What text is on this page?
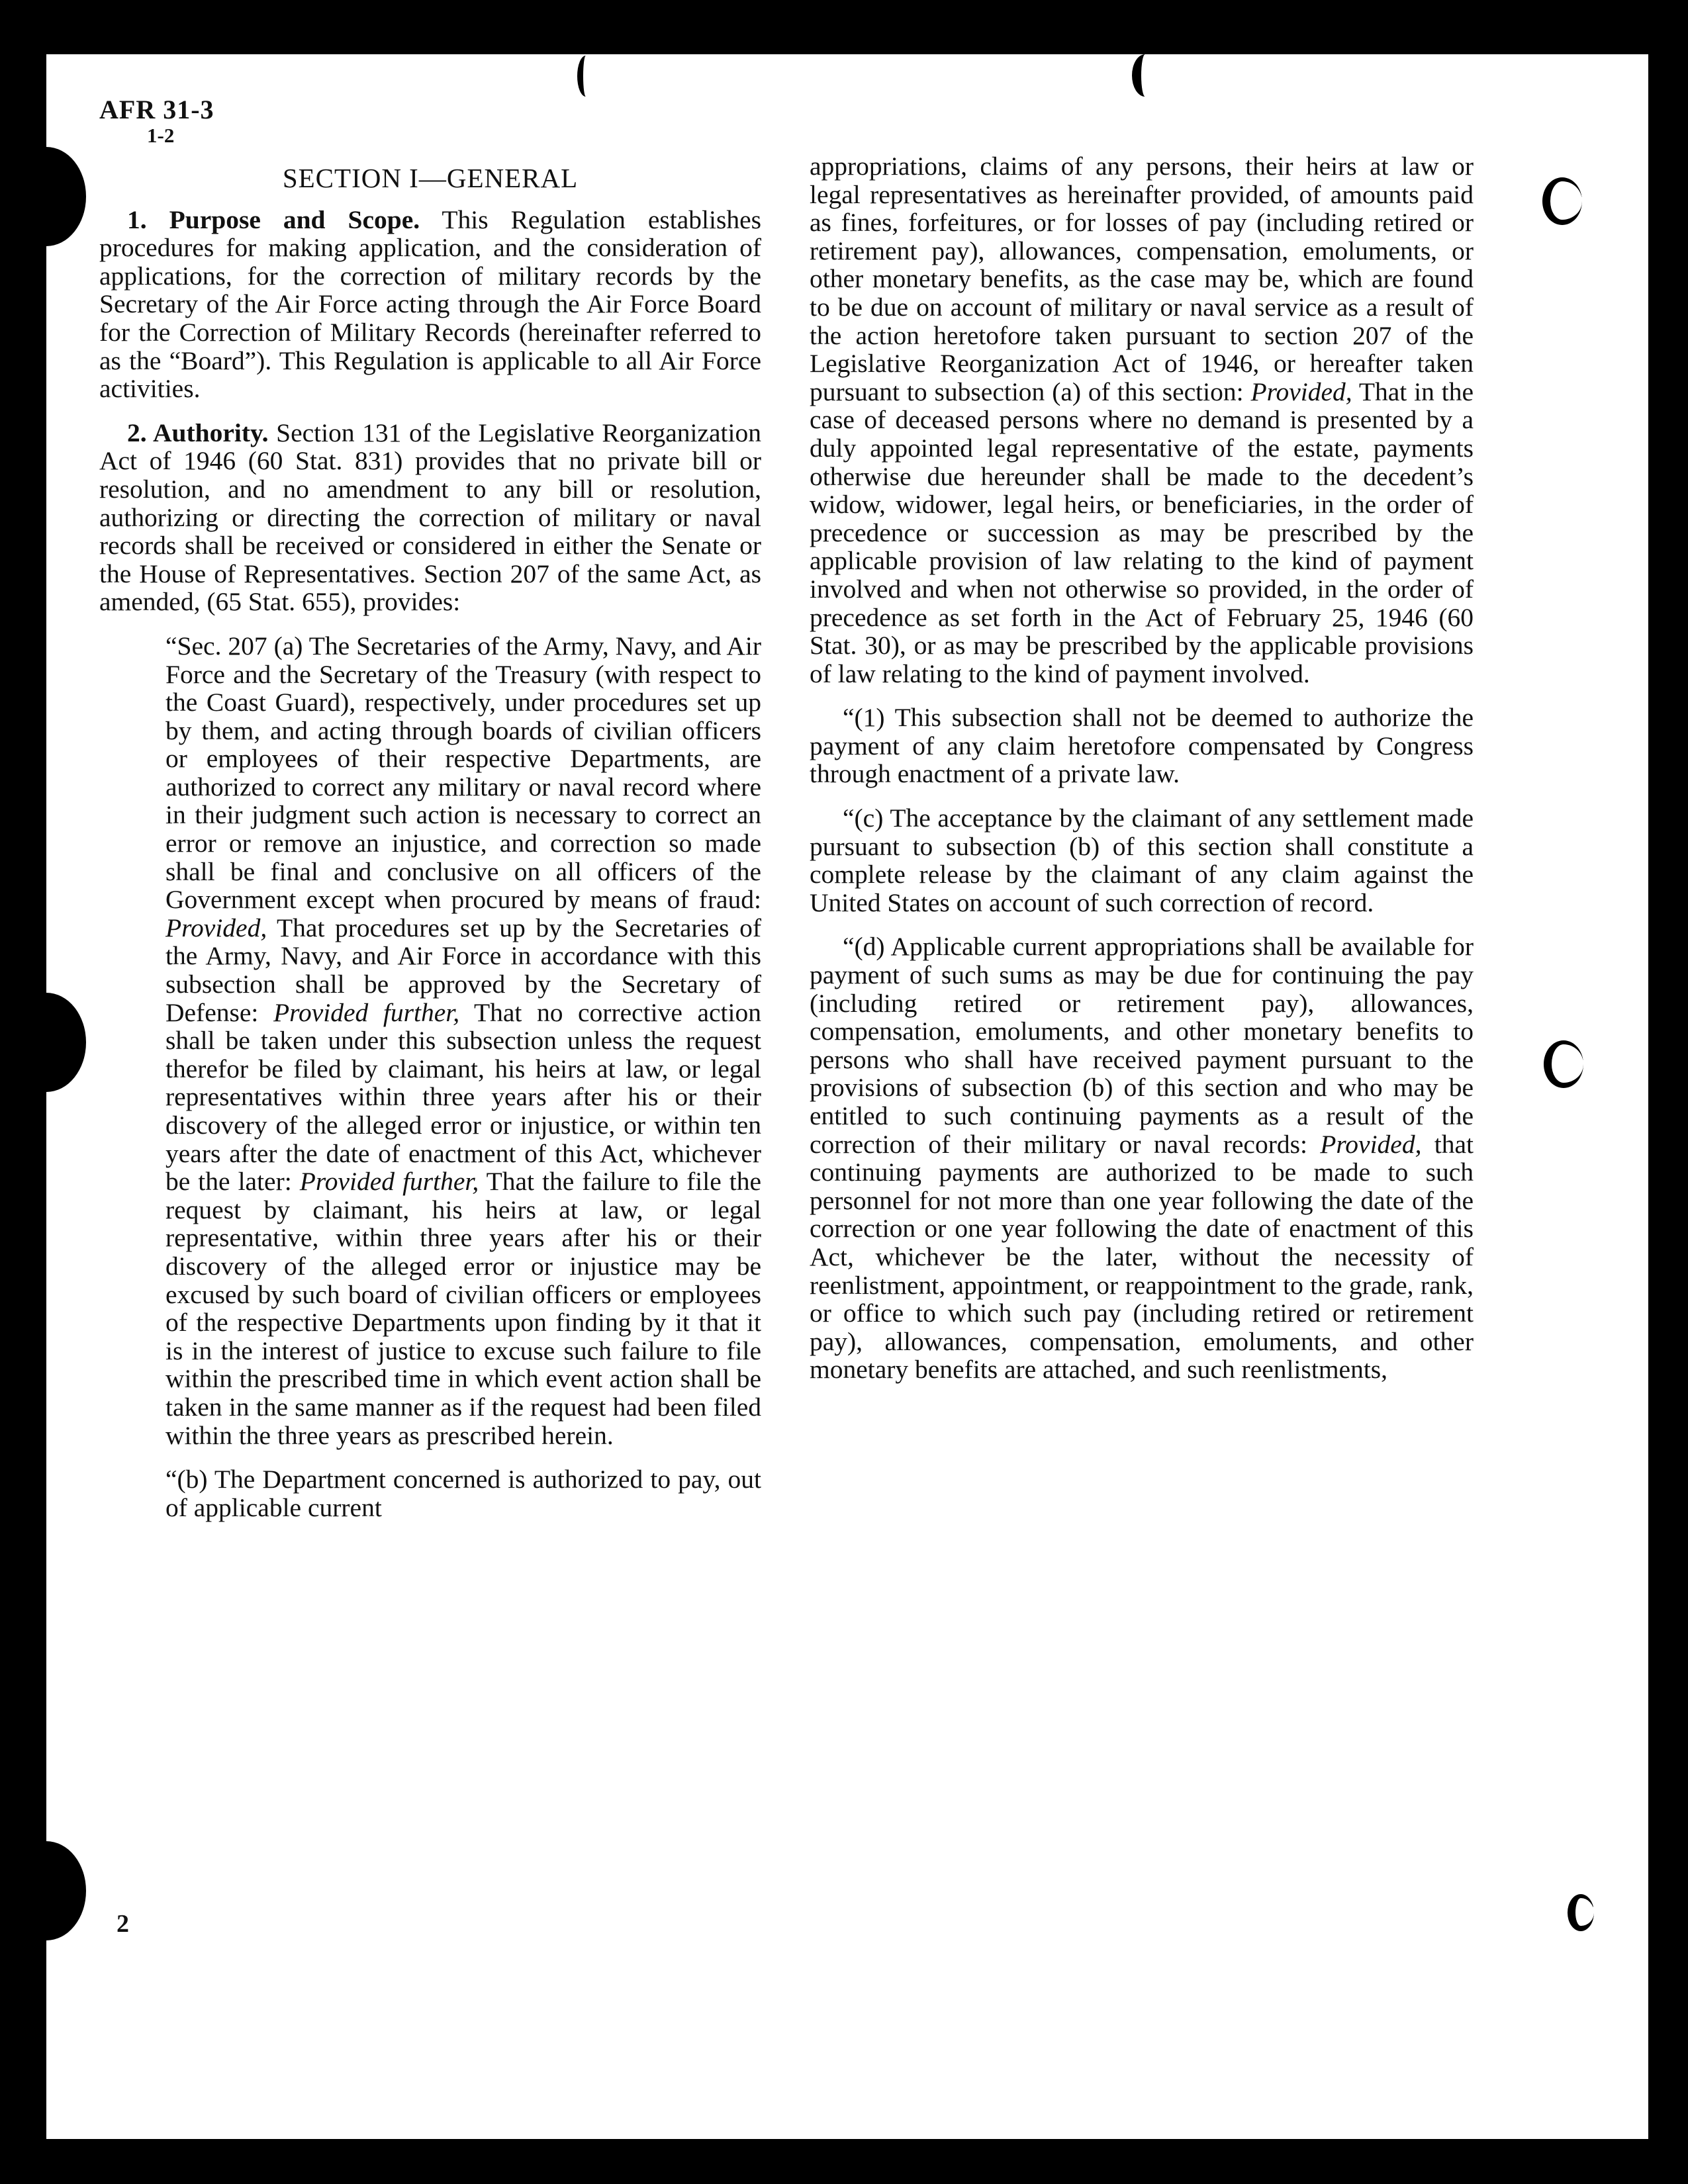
AFR 31-3
1-2
SECTION I—GENERAL

1. Purpose and Scope. This Regulation establishes procedures for making application, and the consideration of applications, for the correction of military records by the Secretary of the Air Force acting through the Air Force Board for the Correction of Military Records (hereinafter referred to as the “Board”). This Regulation is applicable to all Air Force activities.

2. Authority. Section 131 of the Legislative Reorganization Act of 1946 (60 Stat. 831) provides that no private bill or resolution, and no amendment to any bill or resolution, authorizing or directing the correction of military or naval records shall be received or considered in either the Senate or the House of Representatives. Section 207 of the same Act, as amended, (65 Stat. 655), provides:

“Sec. 207 (a) The Secretaries of the Army, Navy, and Air Force and the Secretary of the Treasury (with respect to the Coast Guard), respectively, under procedures set up by them, and acting through boards of civilian officers or employees of their respective Departments, are authorized to correct any military or naval record where in their judgment such action is necessary to correct an error or remove an injustice, and correction so made shall be final and conclusive on all officers of the Government except when procured by means of fraud: Provided, That procedures set up by the Secretaries of the Army, Navy, and Air Force in accordance with this subsection shall be approved by the Secretary of Defense: Provided further, That no corrective action shall be taken under this subsection unless the request therefor be filed by claimant, his heirs at law, or legal representatives within three years after his or their discovery of the alleged error or injustice, or within ten years after the date of enactment of this Act, whichever be the later: Provided further, That the failure to file the request by claimant, his heirs at law, or legal representative, within three years after his or their discovery of the alleged error or injustice may be excused by such board of civilian officers or employees of the respective Departments upon finding by it that it is in the interest of justice to excuse such failure to file within the prescribed time in which event action shall be taken in the same manner as if the request had been filed within the three years as prescribed herein.

“(b) The Department concerned is authorized to pay, out of applicable current

appropriations, claims of any persons, their heirs at law or legal representatives as hereinafter provided, of amounts paid as fines, forfeitures, or for losses of pay (including retired or retirement pay), allowances, compensation, emoluments, or other monetary benefits, as the case may be, which are found to be due on account of military or naval service as a result of the action heretofore taken pursuant to section 207 of the Legislative Reorganization Act of 1946, or hereafter taken pursuant to subsection (a) of this section: Provided, That in the case of deceased persons where no demand is presented by a duly appointed legal representative of the estate, payments otherwise due hereunder shall be made to the decedent’s widow, widower, legal heirs, or beneficiaries, in the order of precedence or succession as may be prescribed by the applicable provision of law relating to the kind of payment involved and when not otherwise so provided, in the order of precedence as set forth in the Act of February 25, 1946 (60 Stat. 30), or as may be prescribed by the applicable provisions of law relating to the kind of payment involved.

“(1) This subsection shall not be deemed to authorize the payment of any claim heretofore compensated by Congress through enactment of a private law.

“(c) The acceptance by the claimant of any settlement made pursuant to subsection (b) of this section shall constitute a complete release by the claimant of any claim against the United States on account of such correction of record.

“(d) Applicable current appropriations shall be available for payment of such sums as may be due for continuing the pay (including retired or retirement pay), allowances, compensation, emoluments, and other monetary benefits to persons who shall have received payment pursuant to the provisions of subsection (b) of this section and who may be entitled to such continuing payments as a result of the correction of their military or naval records: Provided, that continuing payments are authorized to be made to such personnel for not more than one year following the date of the correction or one year following the date of enactment of this Act, whichever be the later, without the necessity of reenlistment, appointment, or reappointment to the grade, rank, or office to which such pay (including retired or retirement pay), allowances, compensation, emoluments, and other monetary benefits are attached, and such reenlistments,

2
